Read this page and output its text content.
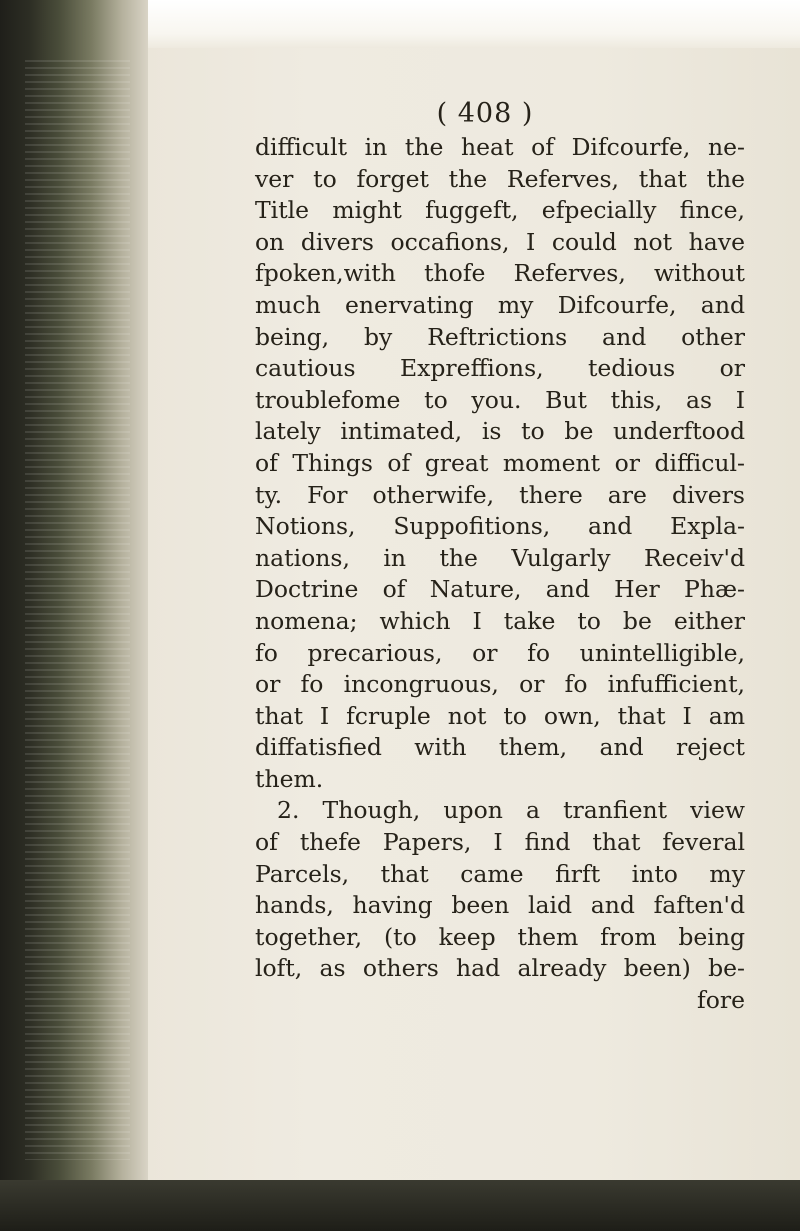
( 408 )
difficult in the heat of Difcourfe, ne-
ver to forget the Referves, that the
Title might fuggeft, efpecially fince,
on divers occafions, I could not have
fpoken,with thofe Referves, without
much enervating my Difcourfe, and
being, by Reftrictions and other
cautious Expreffions, tedious or
troublefome to you. But this, as I
lately intimated, is to be underftood
of Things of great moment or difficul-
ty. For otherwife, there are divers
Notions, Suppofitions, and Expla-
nations, in the Vulgarly Receiv'd
Doctrine of Nature, and Her Phæ-
nomena; which I take to be either
fo precarious, or fo unintelligible,
or fo incongruous, or fo infufficient,
that I fcruple not to own, that I am
diffatisfied with them, and reject
them.
2. Though, upon a tranfient view
of thefe Papers, I find that feveral
Parcels, that came firft into my
hands, having been laid and faften'd
together, (to keep them from being
loft, as others had already been) be-
fore
